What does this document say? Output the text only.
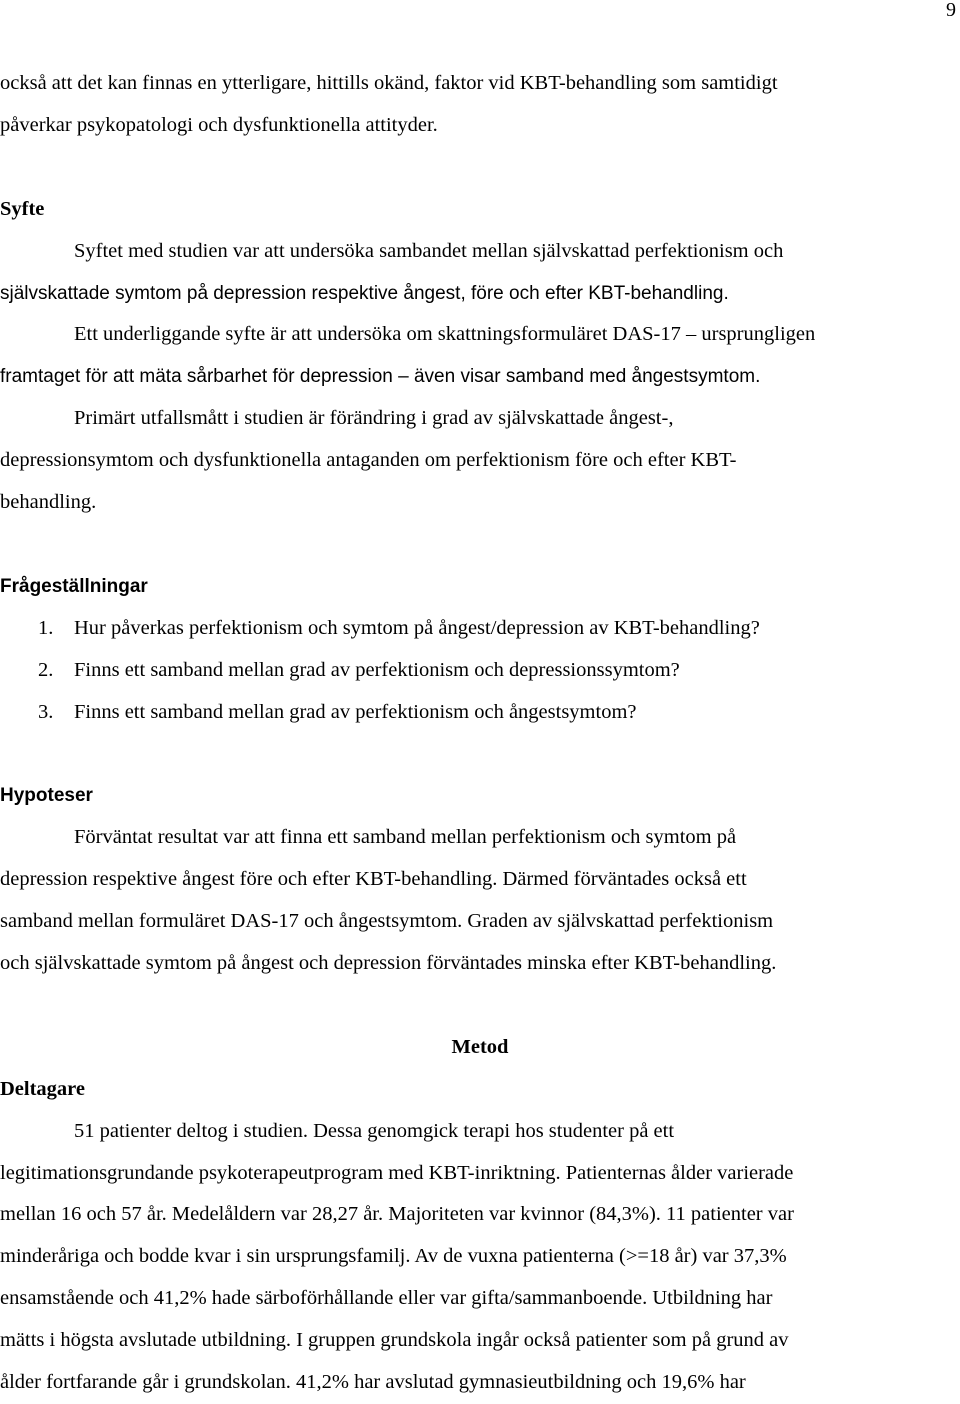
9

också att det kan finnas en ytterligare, hittills okänd, faktor vid KBT-behandling som samtidigt

påverkar psykopatologi och dysfunktionella attityder.

Syfte

Syftet med studien var att undersöka sambandet mellan självskattad perfektionism och

självskattade symtom på depression respektive ångest, före och efter KBT-behandling.

Ett underliggande syfte är att undersöka om skattningsformuläret DAS-17 – ursprungligen

framtaget för att mäta sårbarhet för depression – även visar samband med ångestsymtom.

Primärt utfallsmått i studien är förändring i grad av självskattade ångest-,

depressionsymtom och dysfunktionella antaganden om perfektionism före och efter KBT-

behandling.

Frågeställningar

1.	Hur påverkas perfektionism och symtom på ångest/depression av KBT-behandling?
2.	Finns ett samband mellan grad av perfektionism och depressionssymtom?
3.	Finns ett samband mellan grad av perfektionism och ångestsymtom?

Hypoteser

Förväntat resultat var att finna ett samband mellan perfektionism och symtom på

depression respektive ångest före och efter KBT-behandling. Därmed förväntades också ett

samband mellan formuläret DAS-17 och ångestsymtom. Graden av självskattad perfektionism

och självskattade symtom på ångest och depression förväntades minska efter KBT-behandling.

Metod

Deltagare

51 patienter deltog i studien. Dessa genomgick terapi hos studenter på ett

legitimationsgrundande psykoterapeutprogram med KBT-inriktning. Patienternas ålder varierade

mellan 16 och 57 år. Medelåldern var 28,27 år. Majoriteten var kvinnor (84,3%). 11 patienter var

minderåriga och bodde kvar i sin ursprungsfamilj. Av de vuxna patienterna (>=18 år) var 37,3%

ensamstående och 41,2% hade särboförhållande eller var gifta/sammanboende. Utbildning har

mätts i högsta avslutade utbildning. I gruppen grundskola ingår också patienter som på grund av

ålder fortfarande går i grundskolan. 41,2% har avslutad gymnasieutbildning och 19,6% har
